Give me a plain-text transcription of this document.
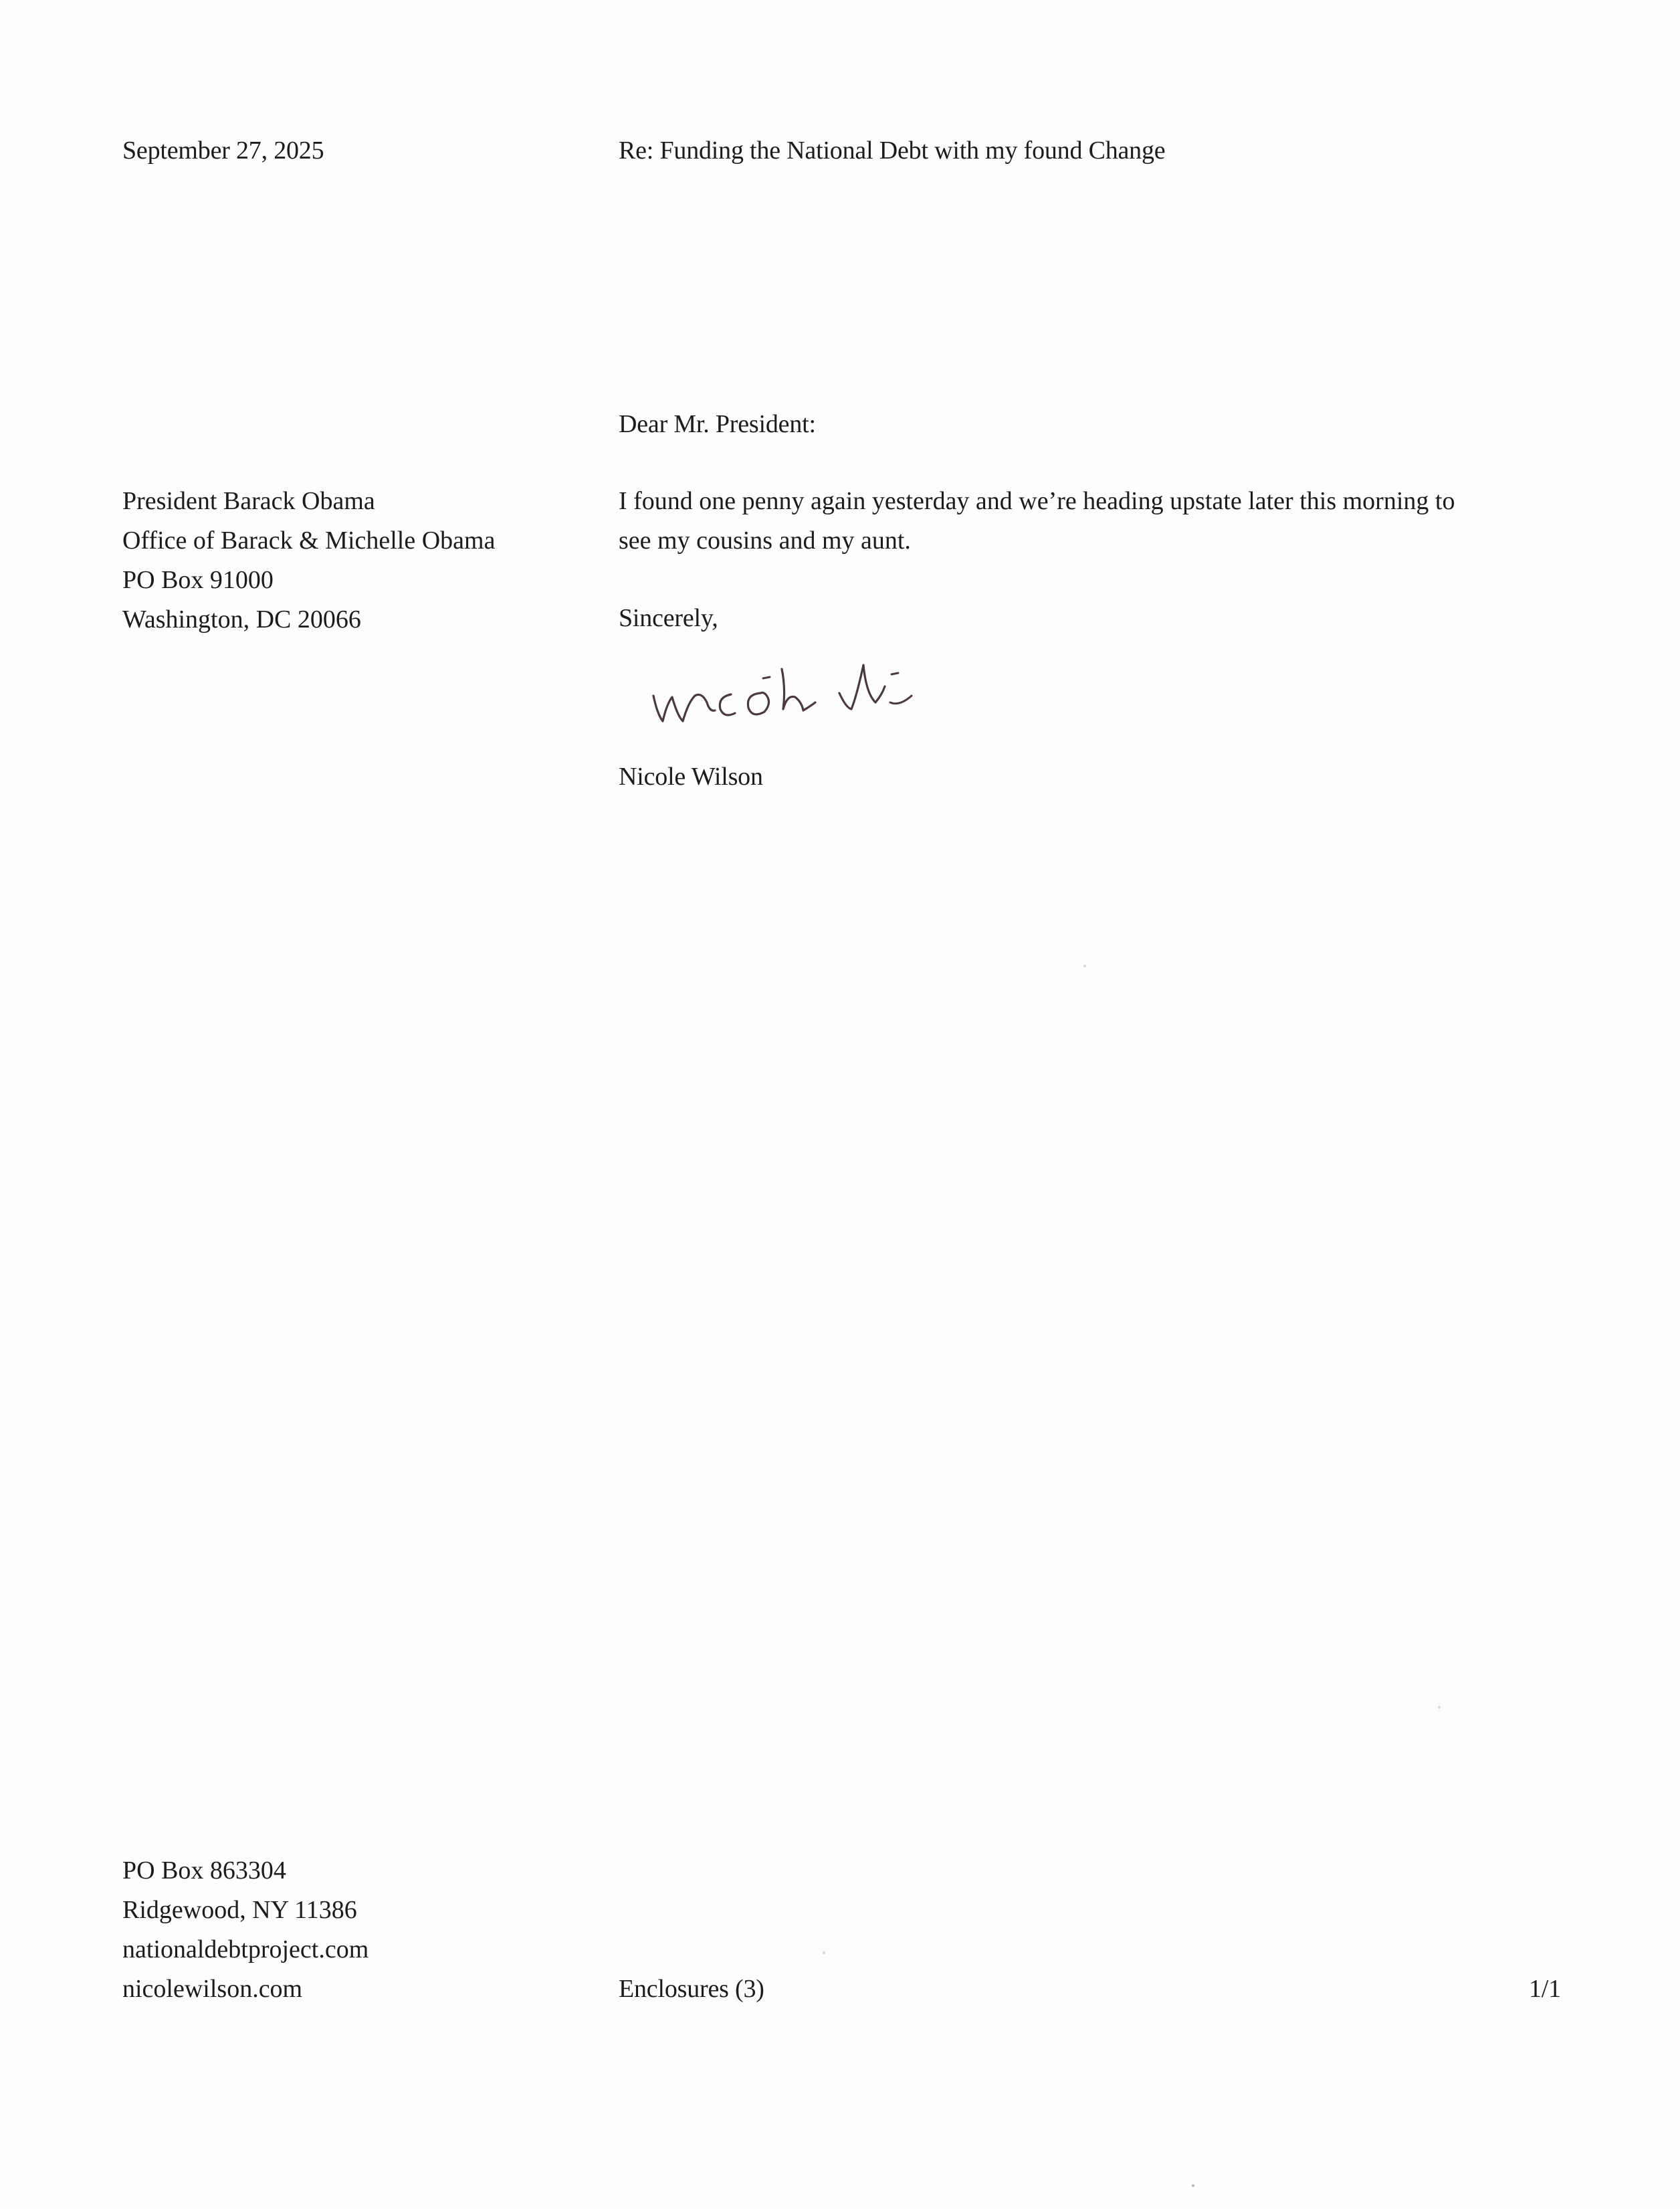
September 27, 2025	Re: Funding the National Debt with my found Change
Dear Mr. President:
President Barack Obama
Office of Barack & Michelle Obama
PO Box 91000
Washington, DC 20066
I found one penny again yesterday and we’re heading upstate later this morning to
see my cousins and my aunt.
Sincerely,
Nicole Wilson
PO Box 863304
Ridgewood, NY 11386
nationaldebtproject.com
nicolewilson.com	Enclosures (3)	1/1
